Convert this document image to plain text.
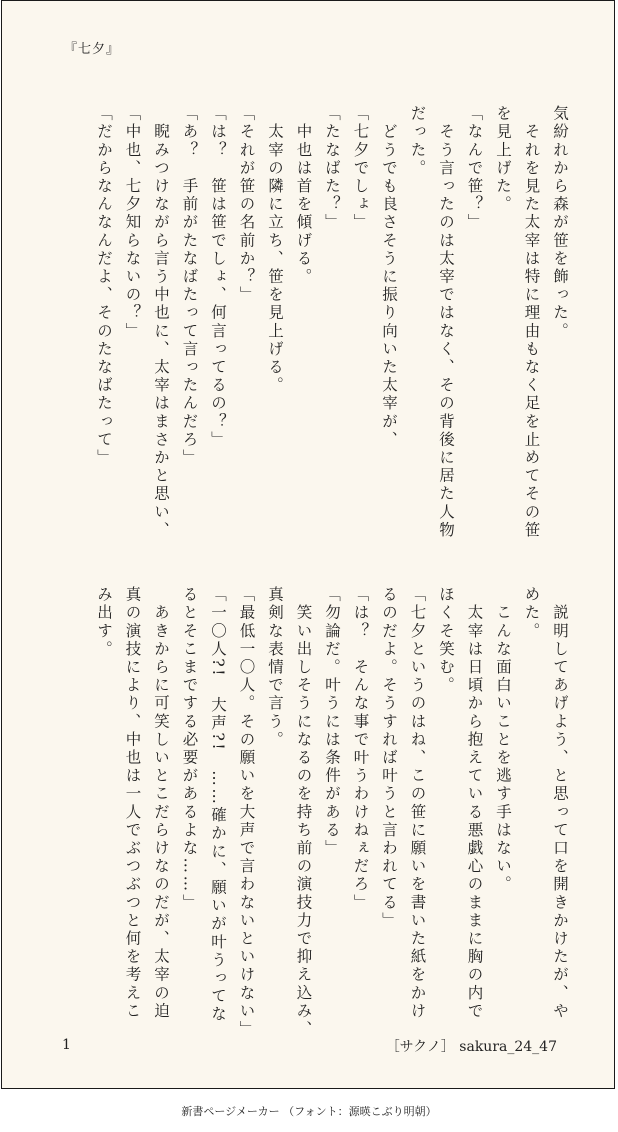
『七夕』
気紛れから森が笹を飾った。
　それを見た太宰は特に理由もなく足を止めてその笹
を見上げた。
「なんで笹？」
　そう言ったのは太宰ではなく、その背後に居た人物
だった。
　どうでも良さそうに振り向いた太宰が、
「七夕でしょ」
「たなばた？」
　中也は首を傾げる。
　太宰の隣に立ち、笹を見上げる。
「それが笹の名前か？」
「は？　笹は笹でしょ、何言ってるの？」
「あ？　手前がたなばたって言ったんだろ」
　睨みつけながら言う中也に、太宰はまさかと思い、
「中也、七夕知らないの？」
「だからなんなんだよ、そのたなばたって」
　説明してあげよう、と思って口を開きかけたが、や
めた。
　こんな面白いことを逃す手はない。
　太宰は日頃から抱えている悪戯心のままに胸の内で
ほくそ笑む。
「七夕というのはね、この笹に願いを書いた紙をかけ
るのだよ。そうすれば叶うと言われてる」
「は？　そんな事で叶うわけねぇだろ」
「勿論だ。叶うには条件がある」
　笑い出しそうになるのを持ち前の演技力で抑え込み、
真剣な表情で言う。
「最低一〇人。その願いを大声で言わないといけない」
「一〇人?!　大声?!　……確かに、願いが叶うってな
るとそこまでする必要があるよな……」
　あきからに可笑しいとこだらけなのだが、太宰の迫
真の演技により、中也は一人でぶつぶつと何を考えこ
み出す。
1	［サクノ］ sakura_24_47
新書ページメーカー （フォント：源暎こぶり明朝）
